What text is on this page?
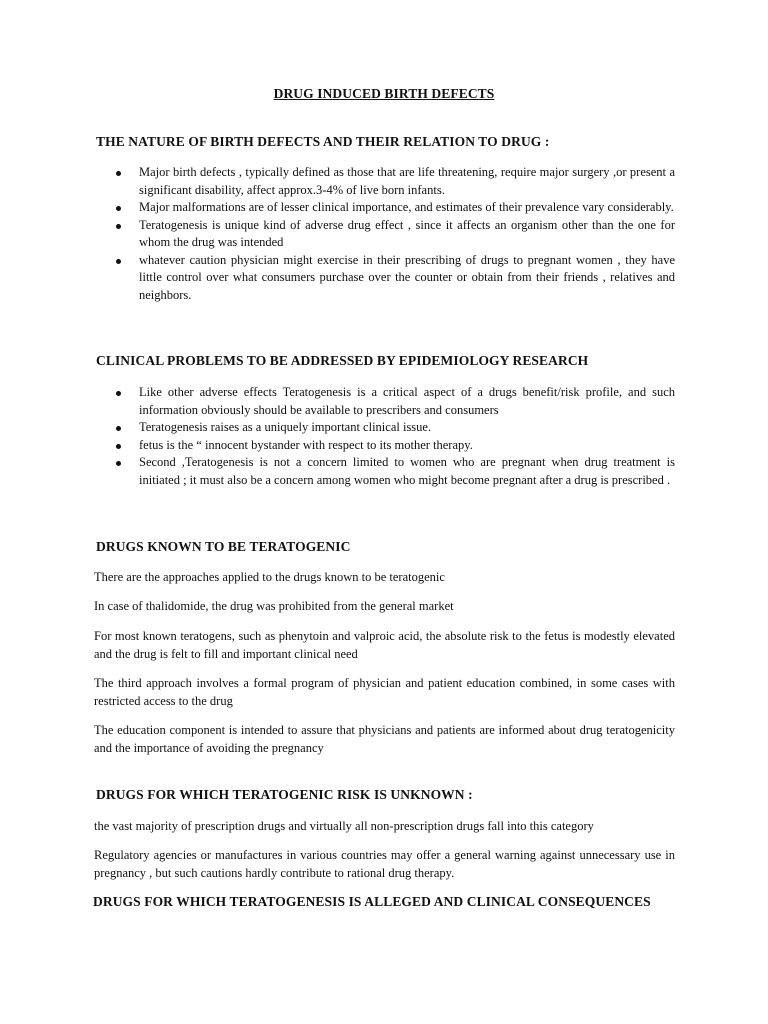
DRUG INDUCED BIRTH DEFECTS
THE NATURE OF BIRTH DEFECTS AND THEIR RELATION TO DRUG :
Major birth defects , typically defined as those that are life threatening, require major surgery ,or present a significant disability, affect approx.3-4% of live born infants.
Major malformations are of lesser clinical importance, and estimates of their prevalence vary considerably.
Teratogenesis is unique kind of adverse drug effect , since it affects an organism other than the one for whom the drug was intended
whatever caution physician might exercise in their prescribing of drugs to pregnant women , they have little control over what consumers purchase over the counter or obtain from their friends , relatives and neighbors.
CLINICAL PROBLEMS TO BE ADDRESSED BY EPIDEMIOLOGY RESEARCH
Like other adverse effects Teratogenesis is a critical aspect of a drugs benefit/risk profile, and such information obviously should be available to prescribers and consumers
Teratogenesis raises as a uniquely important clinical issue.
fetus is the “ innocent bystander with respect to its mother therapy.
Second ,Teratogenesis is not a concern limited to women who are pregnant when drug treatment is initiated ; it must also be a concern among women who might become pregnant after a drug is prescribed .
DRUGS KNOWN TO BE TERATOGENIC

There are the approaches applied to the drugs known to be teratogenic

In case of thalidomide, the drug was prohibited from the general market

For most known teratogens, such as phenytoin and valproic acid, the absolute risk to the fetus is modestly elevated and the drug is felt to fill and important clinical need

The third approach involves a formal program of physician and patient education combined, in some cases with restricted access to the drug

The education component is intended to assure that physicians and patients are informed about drug teratogenicity and the importance of avoiding the pregnancy

DRUGS FOR WHICH TERATOGENIC RISK IS UNKNOWN :

the vast majority of prescription drugs and virtually all non-prescription drugs fall into this category

Regulatory agencies or manufactures in various countries may offer a general warning against unnecessary use in pregnancy , but such cautions hardly contribute to rational drug therapy.

DRUGS FOR WHICH TERATOGENESIS IS ALLEGED AND CLINICAL CONSEQUENCES
